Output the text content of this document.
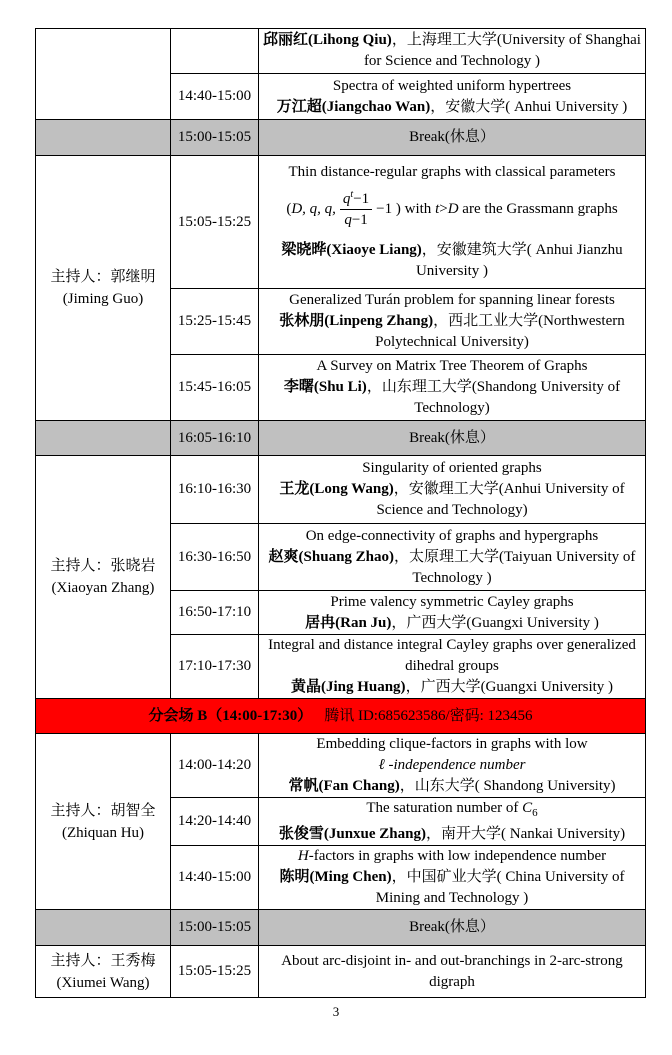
		邱丽红(Lihong Qiu)，上海理工大学(University of Shanghai for Science and Technology )

	14:40-15:00	Spectra of weighted uniform hypertrees
万江超(Jiangchao Wan)，安徽大学( Anhui University )

	15:00-15:05	Break(休息）

主持人：郭继明
(Jiming Guo)
	15:05-15:25	
Thin distance-regular graphs with classical parameters
(D, q, q, $\frac{q^t-1}{q-1} -1$ ) with t>D are the Grassmann graphs
梁晓晔(Xiaoye Liang)，安徽建筑大学( Anhui Jianzhu University )

	15:25-15:45	Generalized Turán problem for spanning linear forests
张林朋(Linpeng Zhang)，西北工业大学(Northwestern Polytechnical University)

	15:45-16:05	A Survey on Matrix Tree Theorem of Graphs
李曙(Shu Li)，山东理工大学(Shandong University of Technology)

	16:05-16:10	Break(休息）

主持人：张晓岩
(Xiaoyan Zhang)
	16:10-16:30	
Singularity of oriented graphs
王龙(Long Wang)，安徽理工大学(Anhui University of Science and Technology)

	16:30-16:50	On edge-connectivity of graphs and hypergraphs
赵爽(Shuang Zhao)，太原理工大学(Taiyuan University of Technology )

	16:50-17:10	Prime valency symmetric Cayley graphs
居冉(Ran Ju)，广西大学(Guangxi University )

	17:10-17:30	Integral and distance integral Cayley graphs over generalized dihedral groups
黄晶(Jing Huang)，广西大学(Guangxi University )

分会场 B（14:00-17:30） 腾讯 ID:685623586/密码: 123456		

主持人：胡智全
(Zhiquan Hu)
	14:00-14:20	
Embedding clique-factors in graphs with low
ℓ -independence number
常帆(Fan Chang)，山东大学( Shandong University)

	14:20-14:40	The saturation number of $C_6$
张俊雪(Junxue Zhang)，南开大学( Nankai University)

	14:40-15:00	H-factors in graphs with low independence number
陈明(Ming Chen)，中国矿业大学( China University of Mining and Technology )

	15:00-15:05	Break(休息）

主持人：王秀梅
(Xiumei Wang)	15:05-15:25	About arc-disjoint in- and out-branchings in 2-arc-strong digraph
3
